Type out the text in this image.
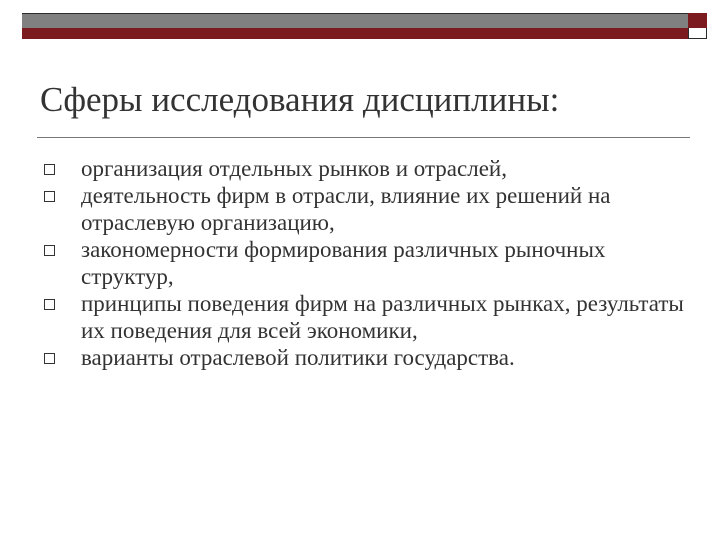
Сферы исследования дисциплины:
организация отдельных рынков и отраслей,
деятельность фирм в отрасли, влияние их решений на отраслевую организацию,
закономерности формирования различных рыночных структур,
принципы поведения фирм на различных рынках, результаты их поведения для всей экономики,
варианты отраслевой политики государства.
